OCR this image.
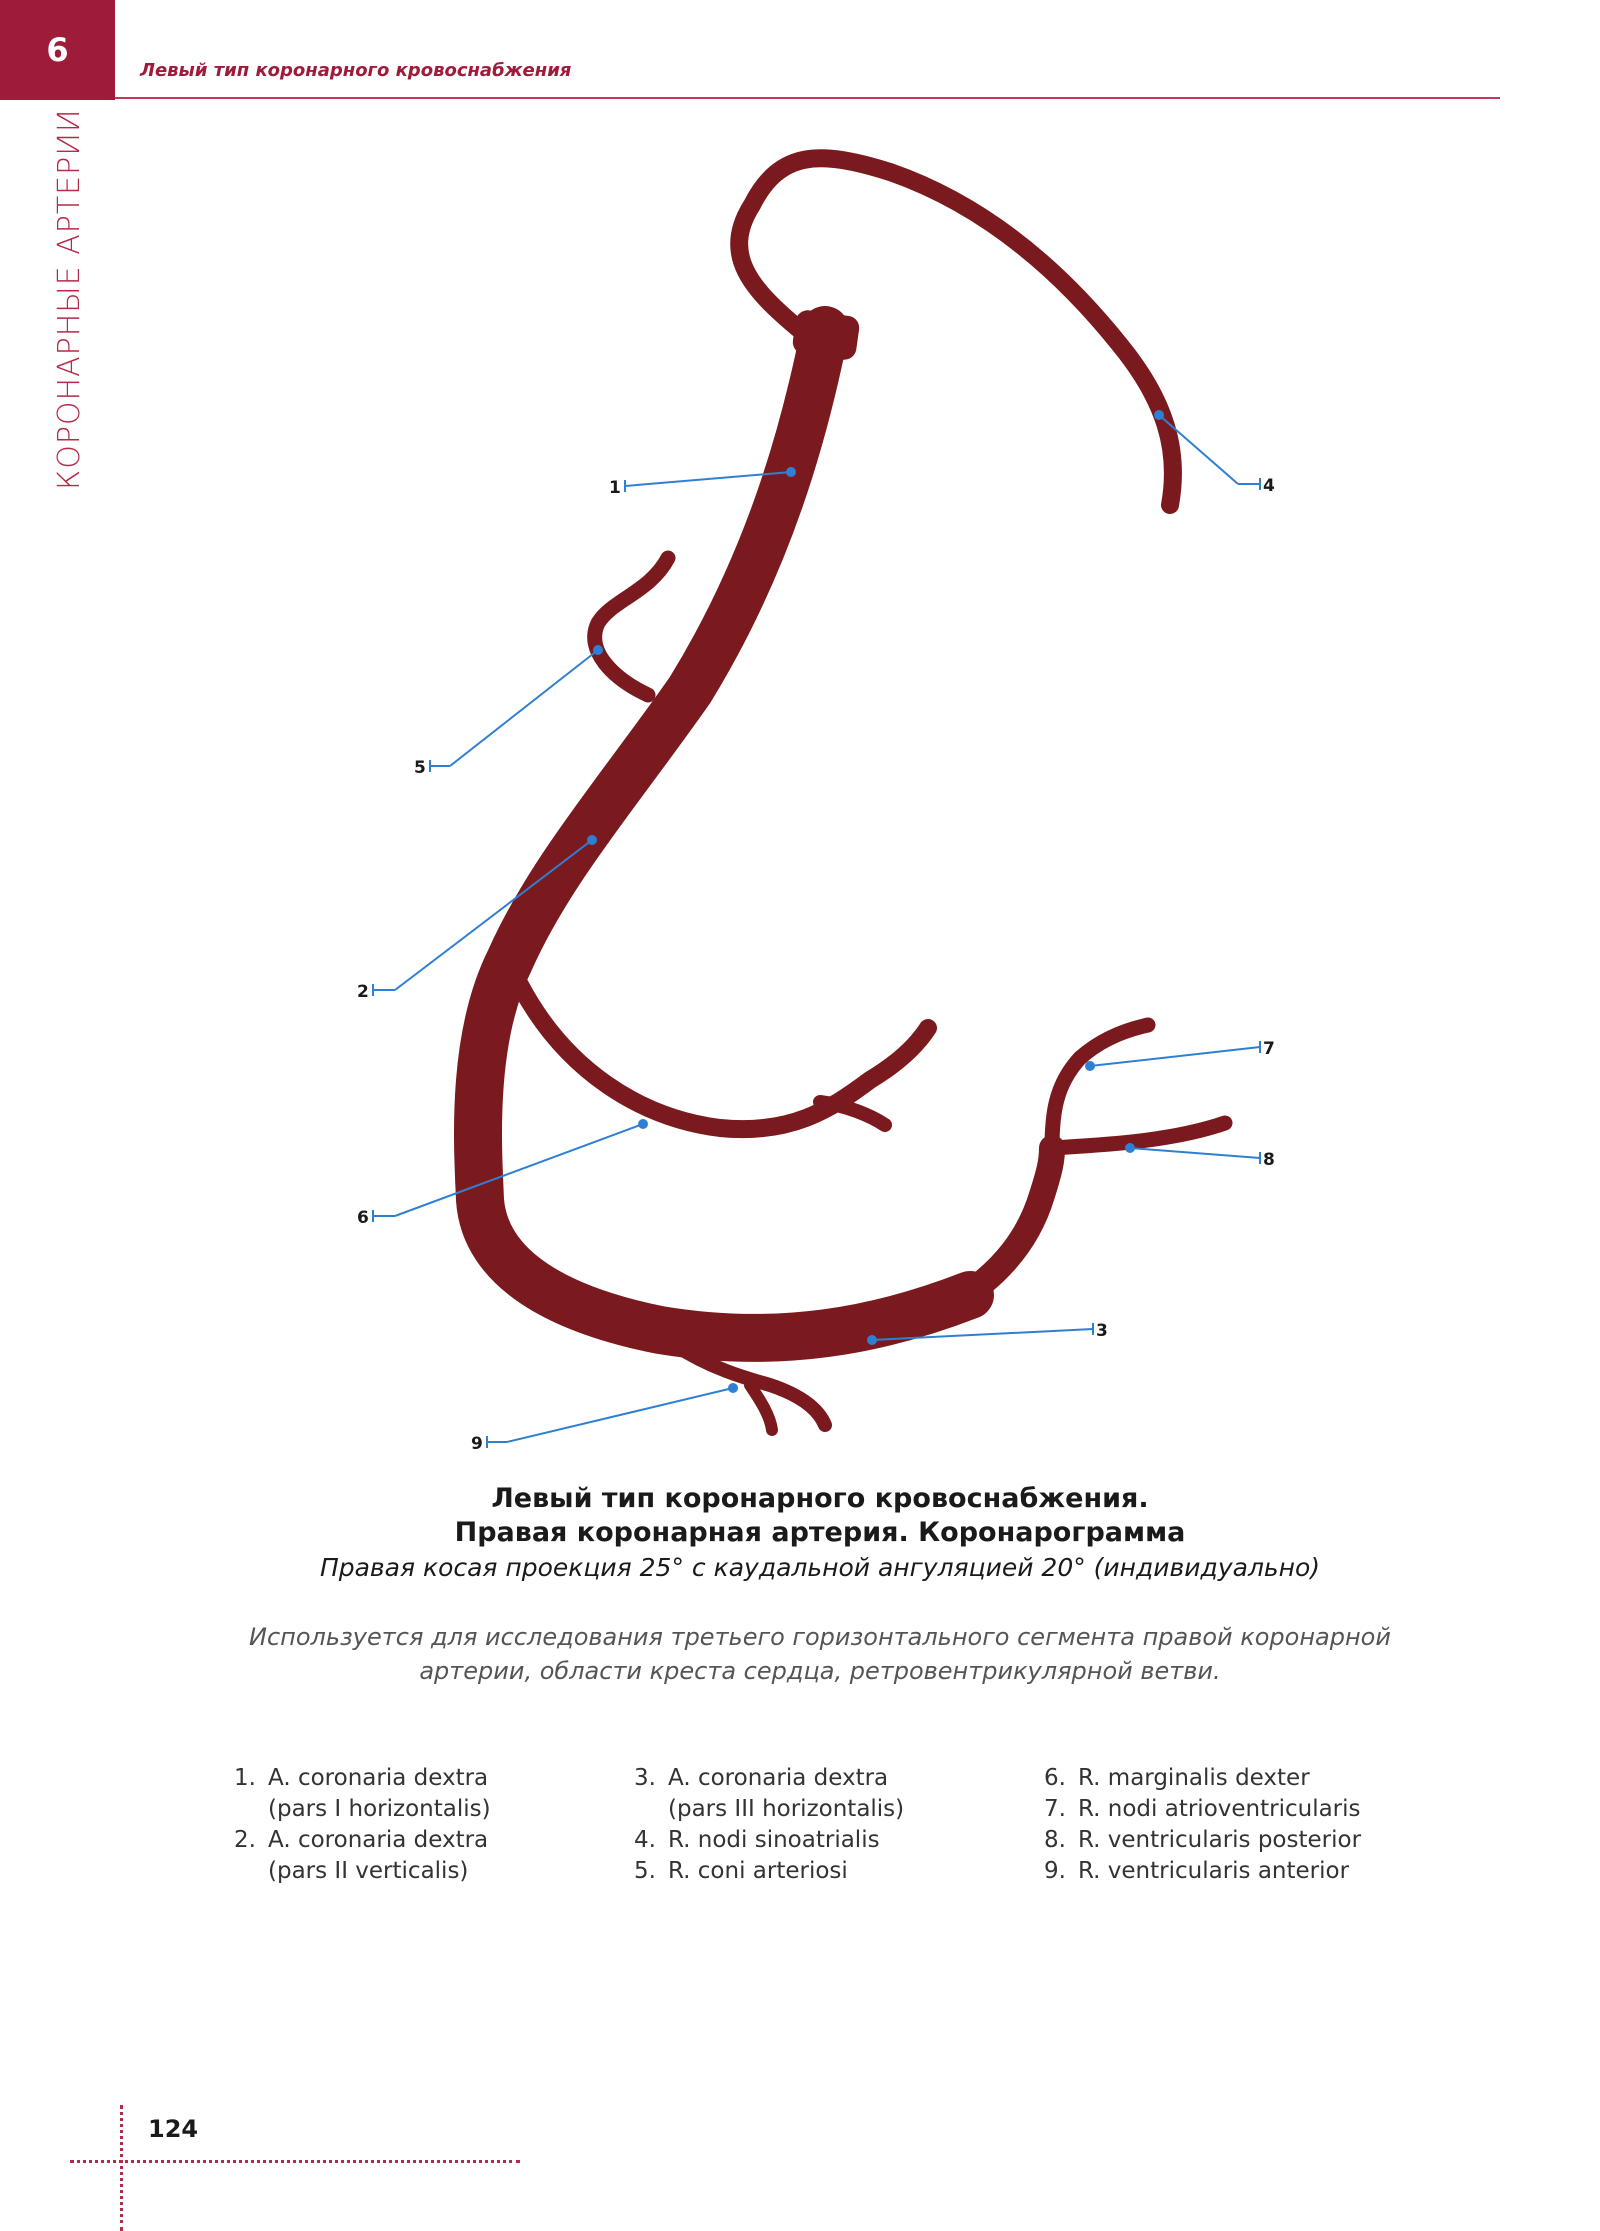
6
Левый тип коронарного кровоснабжения
КОРОНАРНЫЕ АРТЕРИИ	1
2
3
4
5
6
7
8
9
Левый тип коронарного кровоснабжения.
Правая коронарная артерия. Коронарограмма
Правая косая проекция 25° с каудальной ангуляцией 20° (индивидуально)
Используется для исследования третьего горизонтального сегмента правой коронарной артерии, области креста сердца, ретровентрикулярной ветви.
1. A. coronaria dextra
(pars I horizontalis)
2. A. coronaria dextra
(pars II verticalis)
3. A. coronaria dextra
(pars III horizontalis)
4. R. nodi sinoatrialis
5. R. coni arteriosi
6. R. marginalis dexter
7. R. nodi atrioventricularis
8. R. ventricularis posterior
9. R. ventricularis anterior
124
